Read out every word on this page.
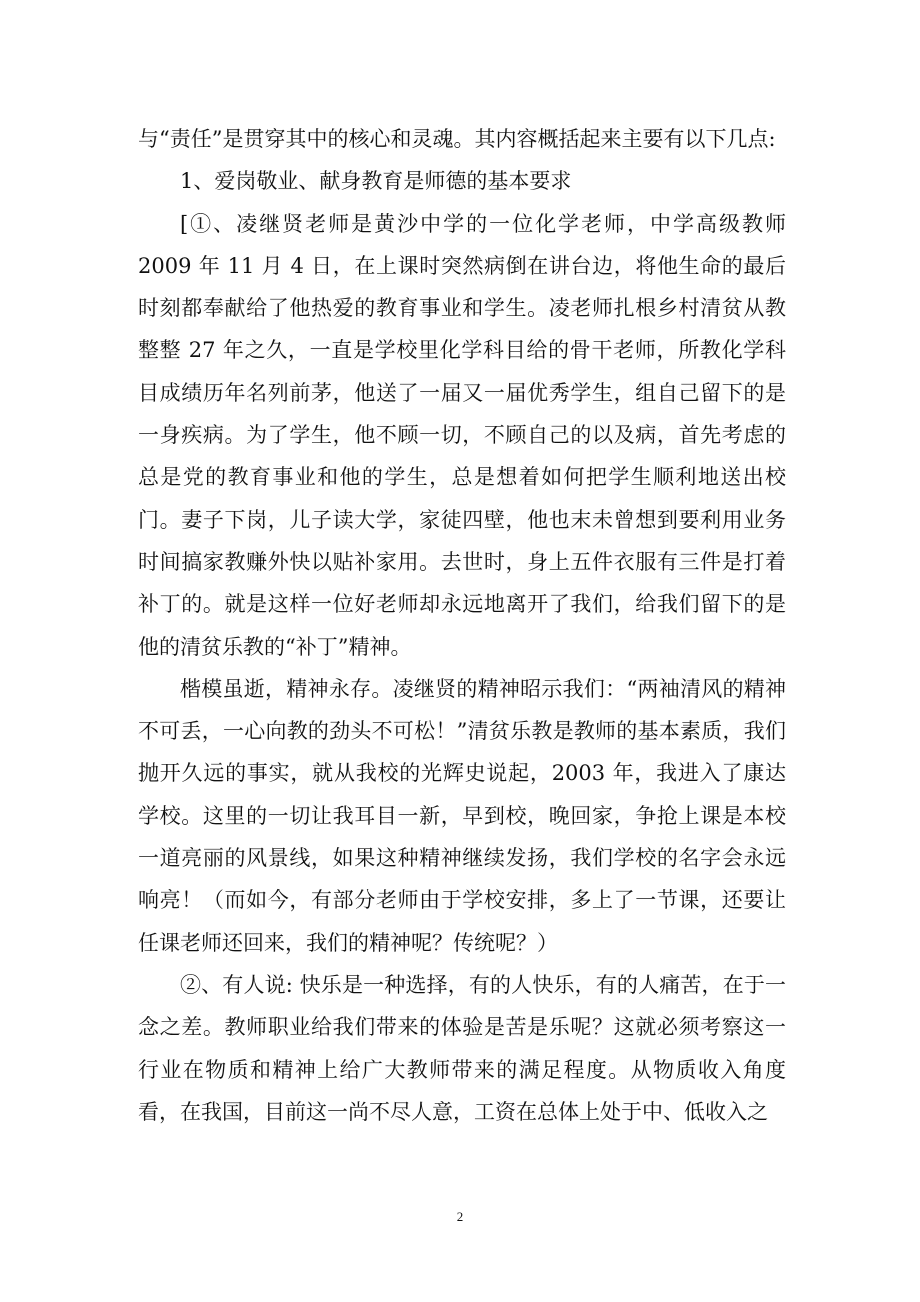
与“责任”是贯穿其中的核心和灵魂。其内容概括起来主要有以下几点:

1、爱岗敬业、献身教育是师德的基本要求

[①、凌继贤老师是黄沙中学的一位化学老师，中学高级教师 2009 年 11 月 4 日，在上课时突然病倒在讲台边，将他生命的最后时刻都奉献给了他热爱的教育事业和学生。凌老师扎根乡村清贫从教整整 27 年之久，一直是学校里化学科目给的骨干老师，所教化学科目成绩历年名列前茅，他送了一届又一届优秀学生，组自己留下的是一身疾病。为了学生，他不顾一切，不顾自己的以及病，首先考虑的总是党的教育事业和他的学生，总是想着如何把学生顺利地送出校门。妻子下岗，儿子读大学，家徒四壁，他也末未曾想到要利用业务时间搞家教赚外快以贴补家用。去世时，身上五件衣服有三件是打着补丁的。就是这样一位好老师却永远地离开了我们，给我们留下的是他的清贫乐教的“补丁”精神。

楷模虽逝，精神永存。凌继贤的精神昭示我们：“两袖清风的精神不可丢，一心向教的劲头不可松！”清贫乐教是教师的基本素质，我们抛开久远的事实，就从我校的光辉史说起，2003 年，我进入了康达学校。这里的一切让我耳目一新，早到校，晚回家，争抢上课是本校一道亮丽的风景线，如果这种精神继续发扬，我们学校的名字会永远响亮！（而如今，有部分老师由于学校安排，多上了一节课，还要让任课老师还回来，我们的精神呢？传统呢？）

②、有人说: 快乐是一种选择，有的人快乐，有的人痛苦，在于一念之差。教师职业给我们带来的体验是苦是乐呢？这就必须考察这一行业在物质和精神上给广大教师带来的满足程度。从物质收入角度看，在我国，目前这一尚不尽人意，工资在总体上处于中、低收入之

2
